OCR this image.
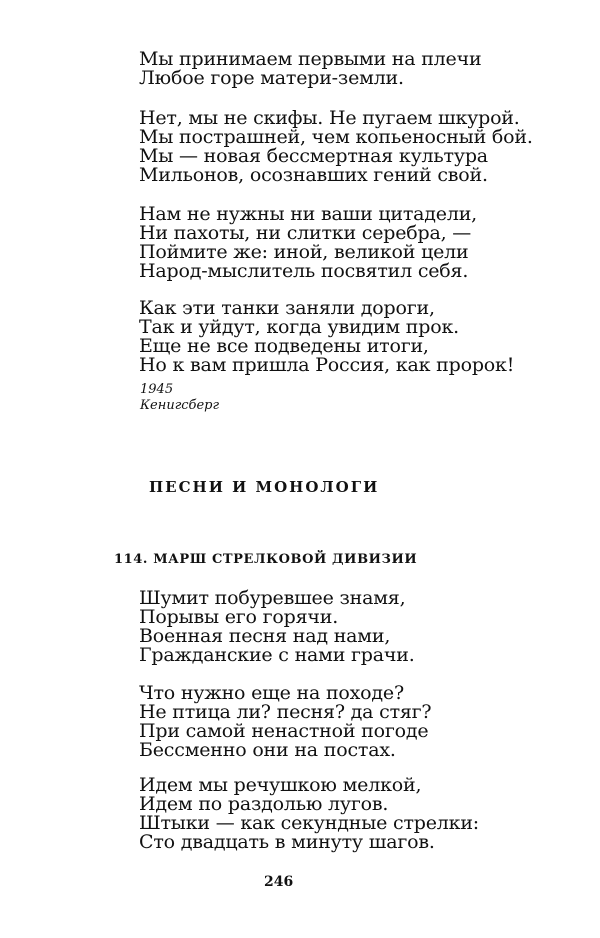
Мы принимаем первыми на плечи
Любое горе матери-земли.
Нет, мы не скифы. Не пугаем шкурой.
Мы пострашней, чем копьеносный бой.
Мы — новая бессмертная культура
Мильонов, осознавших гений свой.
Нам не нужны ни ваши цитадели,
Ни пахоты, ни слитки серебра, —
Поймите же: иной, великой цели
Народ-мыслитель посвятил себя.
Как эти танки заняли дороги,
Так и уйдут, когда увидим прок.
Еще не все подведены итоги,
Но к вам пришла Россия, как пророк!
1945
Кенигсберг
ПЕСНИ И МОНОЛОГИ
114. МАРШ СТРЕЛКОВОЙ ДИВИЗИИ
Шумит побуревшее знамя,
Порывы его горячи.
Военная песня над нами,
Гражданские с нами грачи.
Что нужно еще на походе?
Не птица ли? песня? да стяг?
При самой ненастной погоде
Бессменно они на постах.
Идем мы речушкою мелкой,
Идем по раздолью лугов.
Штыки — как секундные стрелки:
Сто двадцать в минуту шагов.
246
